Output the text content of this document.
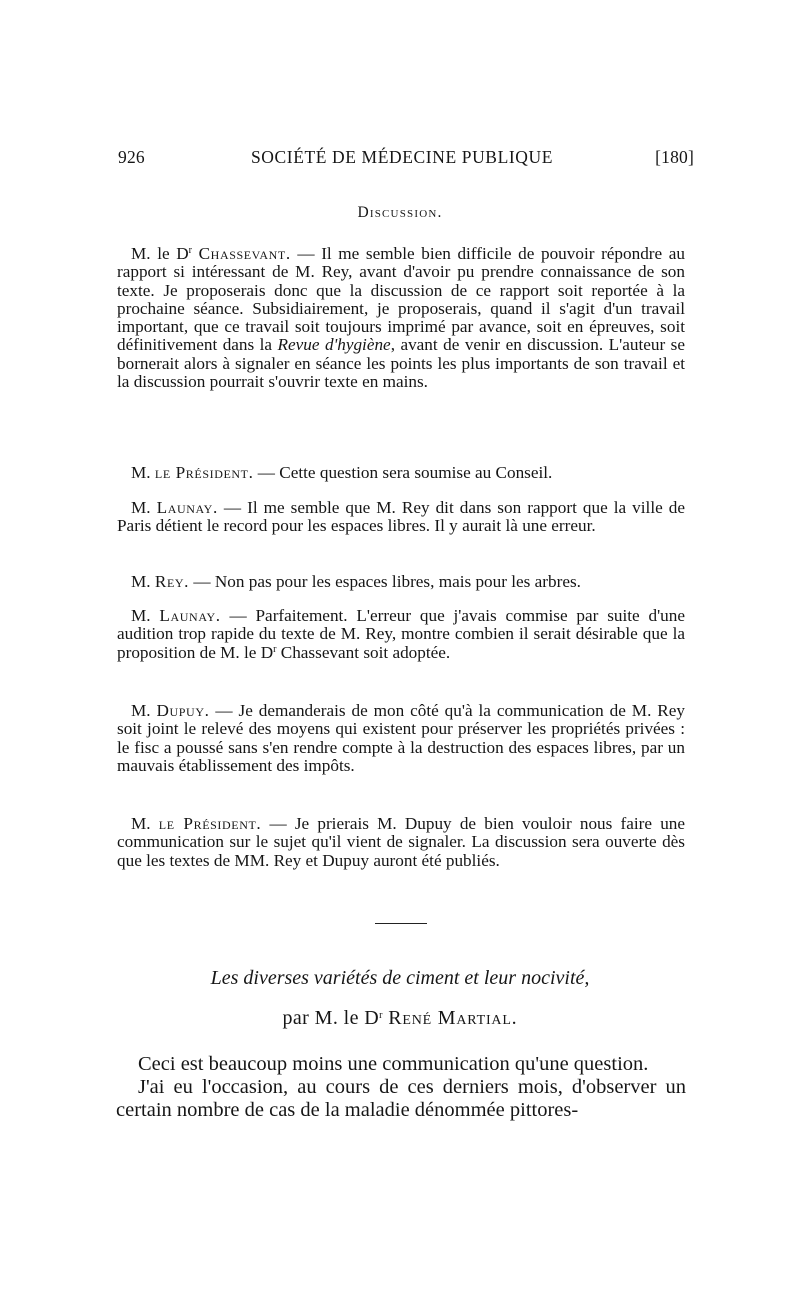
926	SOCIÉTÉ DE MÉDECINE PUBLIQUE	[180]
Discussion.

M. le $D^r$ Chassevant. — Il me semble bien difficile de pouvoir répondre au rapport si intéressant de M. Rey, avant d'avoir pu prendre connaissance de son texte. Je proposerais donc que la discussion de ce rapport soit reportée à la prochaine séance. Subsidiairement, je proposerais, quand il s'agit d'un travail important, que ce travail soit toujours imprimé par avance, soit en épreuves, soit définitivement dans la Revue d'hygiène, avant de venir en discussion. L'auteur se bornerait alors à signaler en séance les points les plus importants de son travail et la discussion pourrait s'ouvrir texte en mains.

M. le Président. — Cette question sera soumise au Conseil.

M. Launay. — Il me semble que M. Rey dit dans son rapport que la ville de Paris détient le record pour les espaces libres. Il y aurait là une erreur.

M. Rey. — Non pas pour les espaces libres, mais pour les arbres.

M. Launay. — Parfaitement. L'erreur que j'avais commise par suite d'une audition trop rapide du texte de M. Rey, montre combien il serait désirable que la proposition de M. le $D^r$ Chassevant soit adoptée.

M. Dupuy. — Je demanderais de mon côté qu'à la communication de M. Rey soit joint le relevé des moyens qui existent pour préserver les propriétés privées : le fisc a poussé sans s'en rendre compte à la destruction des espaces libres, par un mauvais établissement des impôts.

M. le Président. — Je prierais M. Dupuy de bien vouloir nous faire une communication sur le sujet qu'il vient de signaler. La discussion sera ouverte dès que les textes de MM. Rey et Dupuy auront été publiés.

Les diverses variétés de ciment et leur nocivité,
par M. le $D^r$ René Martial.

Ceci est beaucoup moins une communication qu'une question.

J'ai eu l'occasion, au cours de ces derniers mois, d'observer un certain nombre de cas de la maladie dénommée pittores-
